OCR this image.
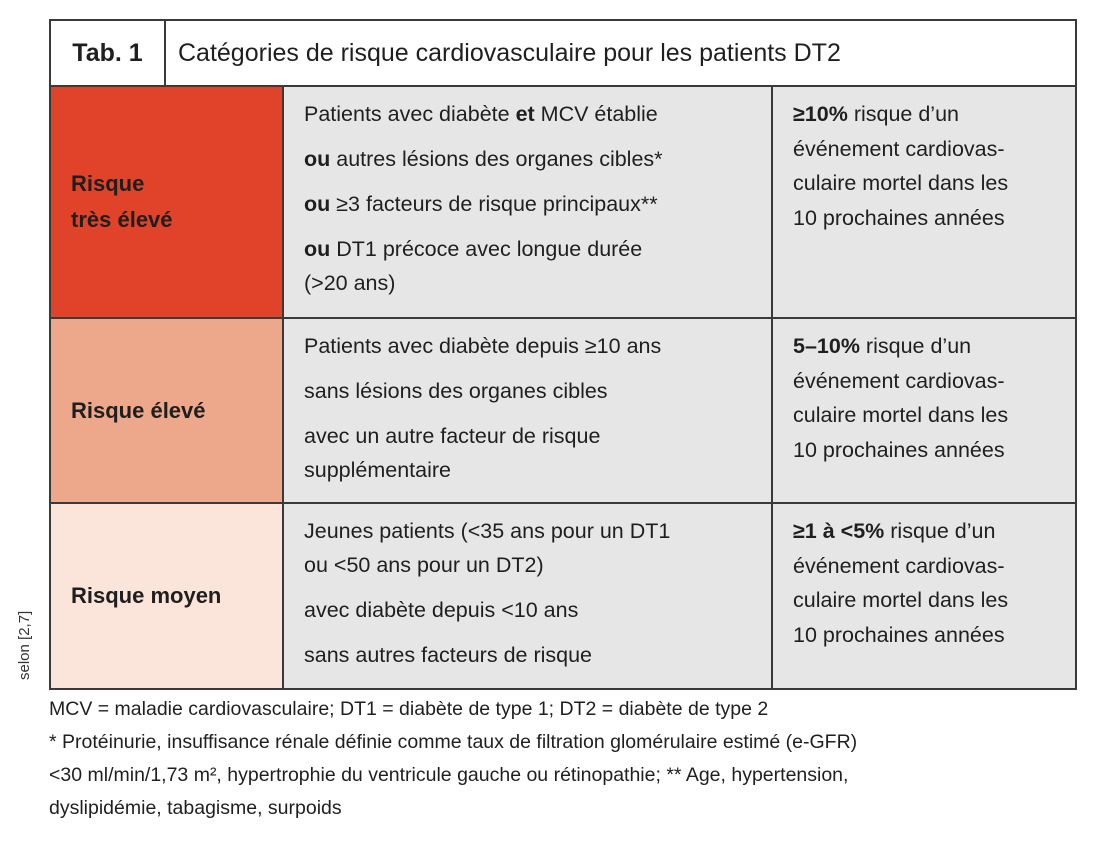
Tab. 1	Catégories de risque cardiovasculaire pour les patients DT2
Risque
très élevé
Patients avec diabète et MCV établie
ou autres lésions des organes cibles*
ou ≥3 facteurs de risque principaux**
ou DT1 précoce avec longue durée
(>20 ans)
≥10% risque d’un
événement cardiovas-
culaire mortel dans les
10 prochaines années
Risque élevé
Patients avec diabète depuis ≥10 ans
sans lésions des organes cibles
avec un autre facteur de risque
supplémentaire
5–10% risque d’un
événement cardiovas-
culaire mortel dans les
10 prochaines années
Risque moyen
Jeunes patients (<35 ans pour un DT1
ou <50 ans pour un DT2)
avec diabète depuis <10 ans
sans autres facteurs de risque
≥1 à <5% risque d’un
événement cardiovas-
culaire mortel dans les
10 prochaines années
selon [2,7]
MCV = maladie cardiovasculaire; DT1 = diabète de type 1; DT2 = diabète de type 2
* Protéinurie, insuffisance rénale définie comme taux de filtration glomérulaire estimé (e-GFR)
<30 ml/min/1,73 m², hypertrophie du ventricule gauche ou rétinopathie; ** Age, hypertension,
dyslipidémie, tabagisme, surpoids
